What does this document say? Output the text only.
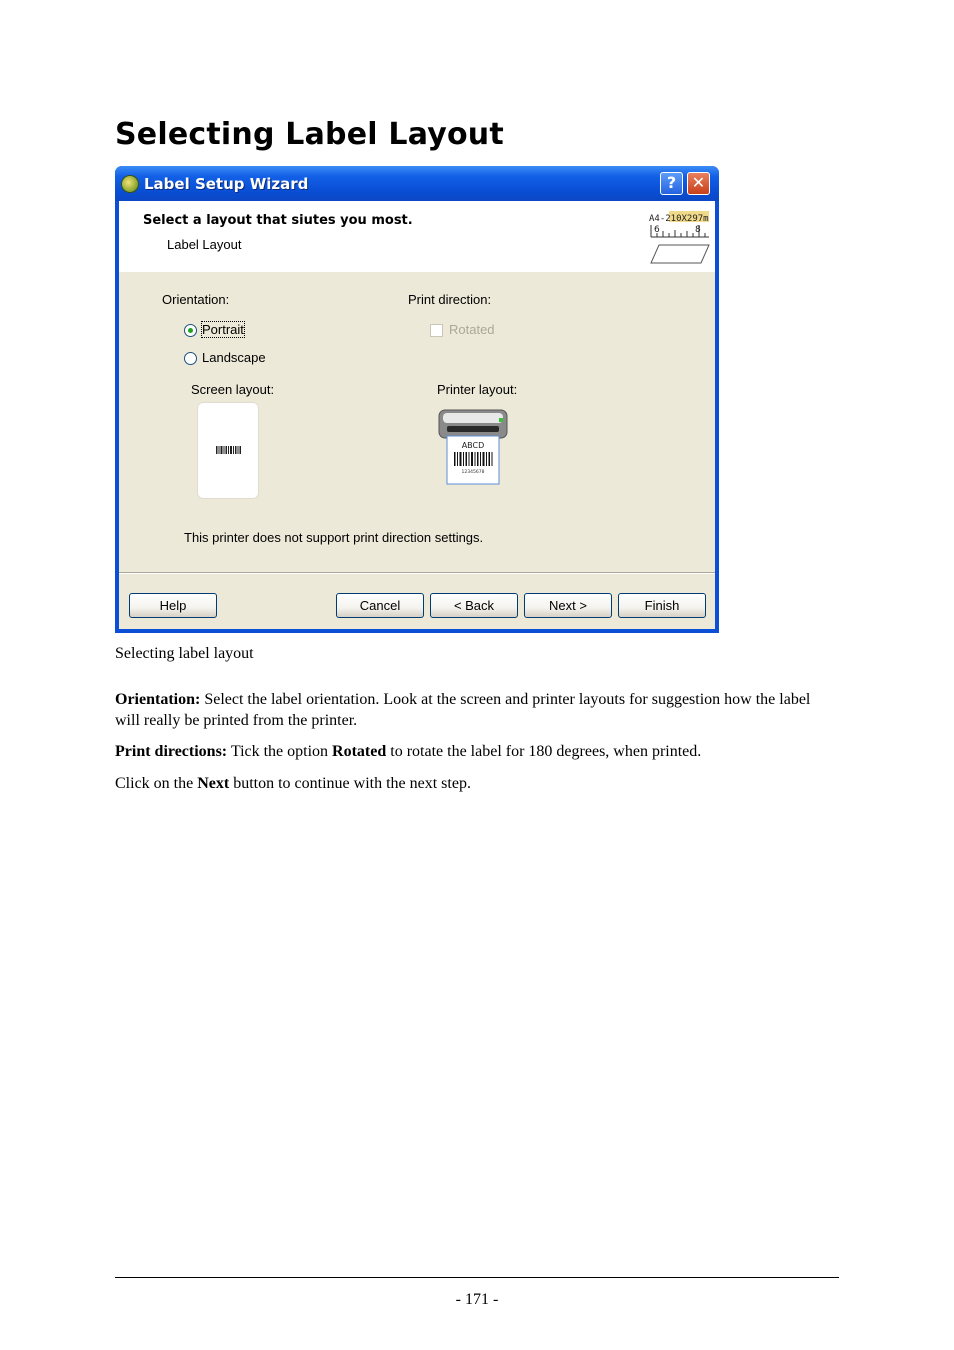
Selecting Label Layout
Label Setup Wizard	? ✕
Select a layout that siutes you most.
Label Layout
A4-210X297m
6	8
Orientation:
Portrait
Landscape
Print direction:
Rotated
Screen layout:	Printer layout:
ABCD
12345678
This printer does not support print direction settings.
Help	Cancel	< Back	Next >	Finish
Selecting label layout

Orientation: Select the label orientation. Look at the screen and printer layouts for suggestion how the label will really be printed from the printer.

Print directions: Tick the option Rotated to rotate the label for 180 degrees, when printed.

Click on the Next button to continue with the next step.

- 171 -
